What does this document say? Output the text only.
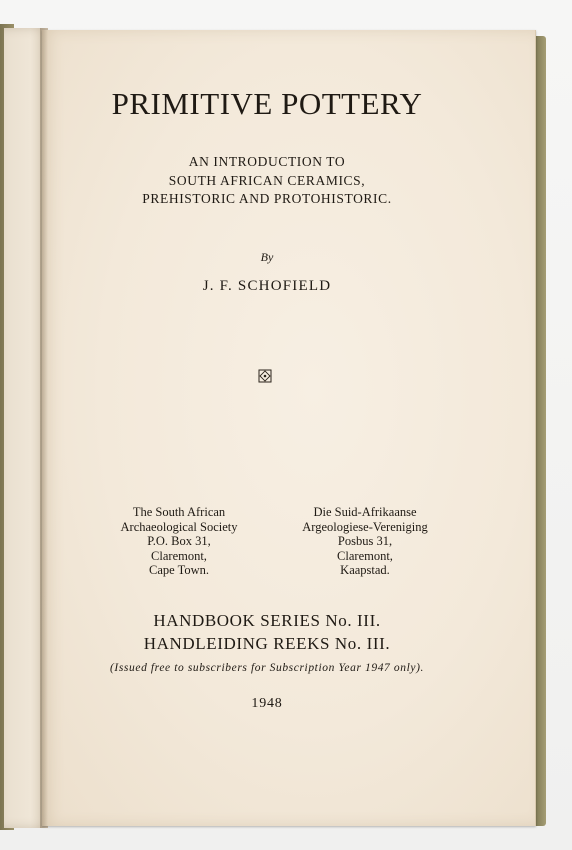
PRIMITIVE POTTERY
AN INTRODUCTION TO
SOUTH AFRICAN CERAMICS,
PREHISTORIC AND PROTOHISTORIC.
By
J. F. SCHOFIELD
The South African
Archaeological Society
P.O. Box 31,
Claremont,
Cape Town.
Die Suid-Afrikaanse
Argeologiese-Vereniging
Posbus 31,
Claremont,
Kaapstad.
HANDBOOK SERIES No. III.
HANDLEIDING REEKS No. III.
(Issued free to subscribers for Subscription Year 1947 only).
1948
